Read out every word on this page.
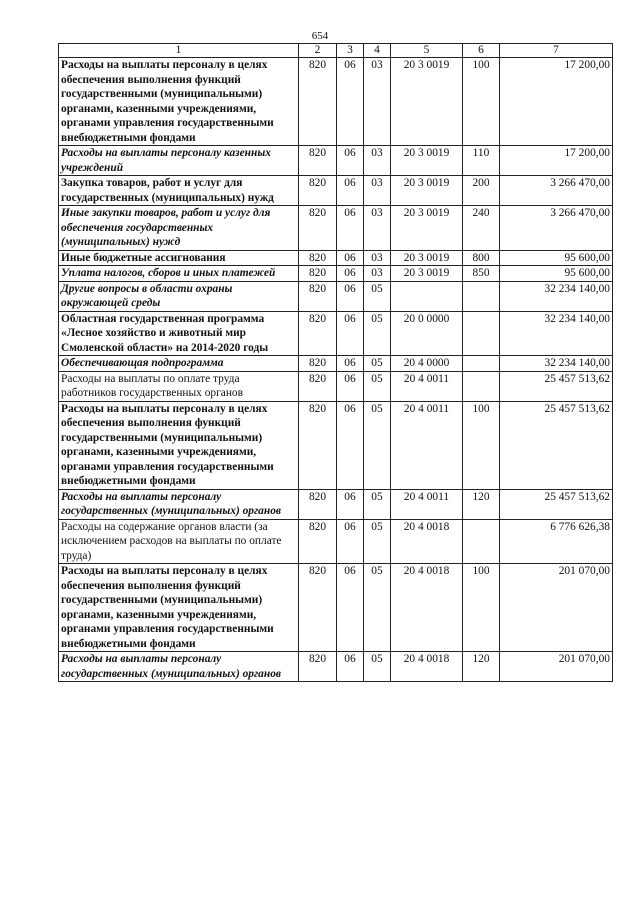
654
1	2	3	4	5	6	7
Расходы на выплаты персоналу в целях обеспечения выполнения функций государственными (муниципальными) органами, казенными учреждениями, органами управления государственными внебюджетными фондами	820	06	03	20 3 0019	100	17 200,00
Расходы на выплаты персоналу казенных учреждений	820	06	03	20 3 0019	110	17 200,00
Закупка товаров, работ и услуг для государственных (муниципальных) нужд	820	06	03	20 3 0019	200	3 266 470,00
Иные закупки товаров, работ и услуг для обеспечения государственных (муниципальных) нужд	820	06	03	20 3 0019	240	3 266 470,00
Иные бюджетные ассигнования	820	06	03	20 3 0019	800	95 600,00
Уплата налогов, сборов и иных платежей	820	06	03	20 3 0019	850	95 600,00
Другие вопросы в области охраны окружающей среды	820	06	05			32 234 140,00
Областная государственная программа «Лесное хозяйство и животный мир Смоленской области» на 2014-2020 годы	820	06	05	20 0 0000		32 234 140,00
Обеспечивающая подпрограмма	820	06	05	20 4 0000		32 234 140,00
Расходы на выплаты по оплате труда работников государственных органов	820	06	05	20 4 0011		25 457 513,62
Расходы на выплаты персоналу в целях обеспечения выполнения функций государственными (муниципальными) органами, казенными учреждениями, органами управления государственными внебюджетными фондами	820	06	05	20 4 0011	100	25 457 513,62
Расходы на выплаты персоналу государственных (муниципальных) органов	820	06	05	20 4 0011	120	25 457 513,62
Расходы на содержание органов власти (за исключением расходов на выплаты по оплате труда)	820	06	05	20 4 0018		6 776 626,38
Расходы на выплаты персоналу в целях обеспечения выполнения функций государственными (муниципальными) органами, казенными учреждениями, органами управления государственными внебюджетными фондами	820	06	05	20 4 0018	100	201 070,00
Расходы на выплаты персоналу государственных (муниципальных) органов	820	06	05	20 4 0018	120	201 070,00
